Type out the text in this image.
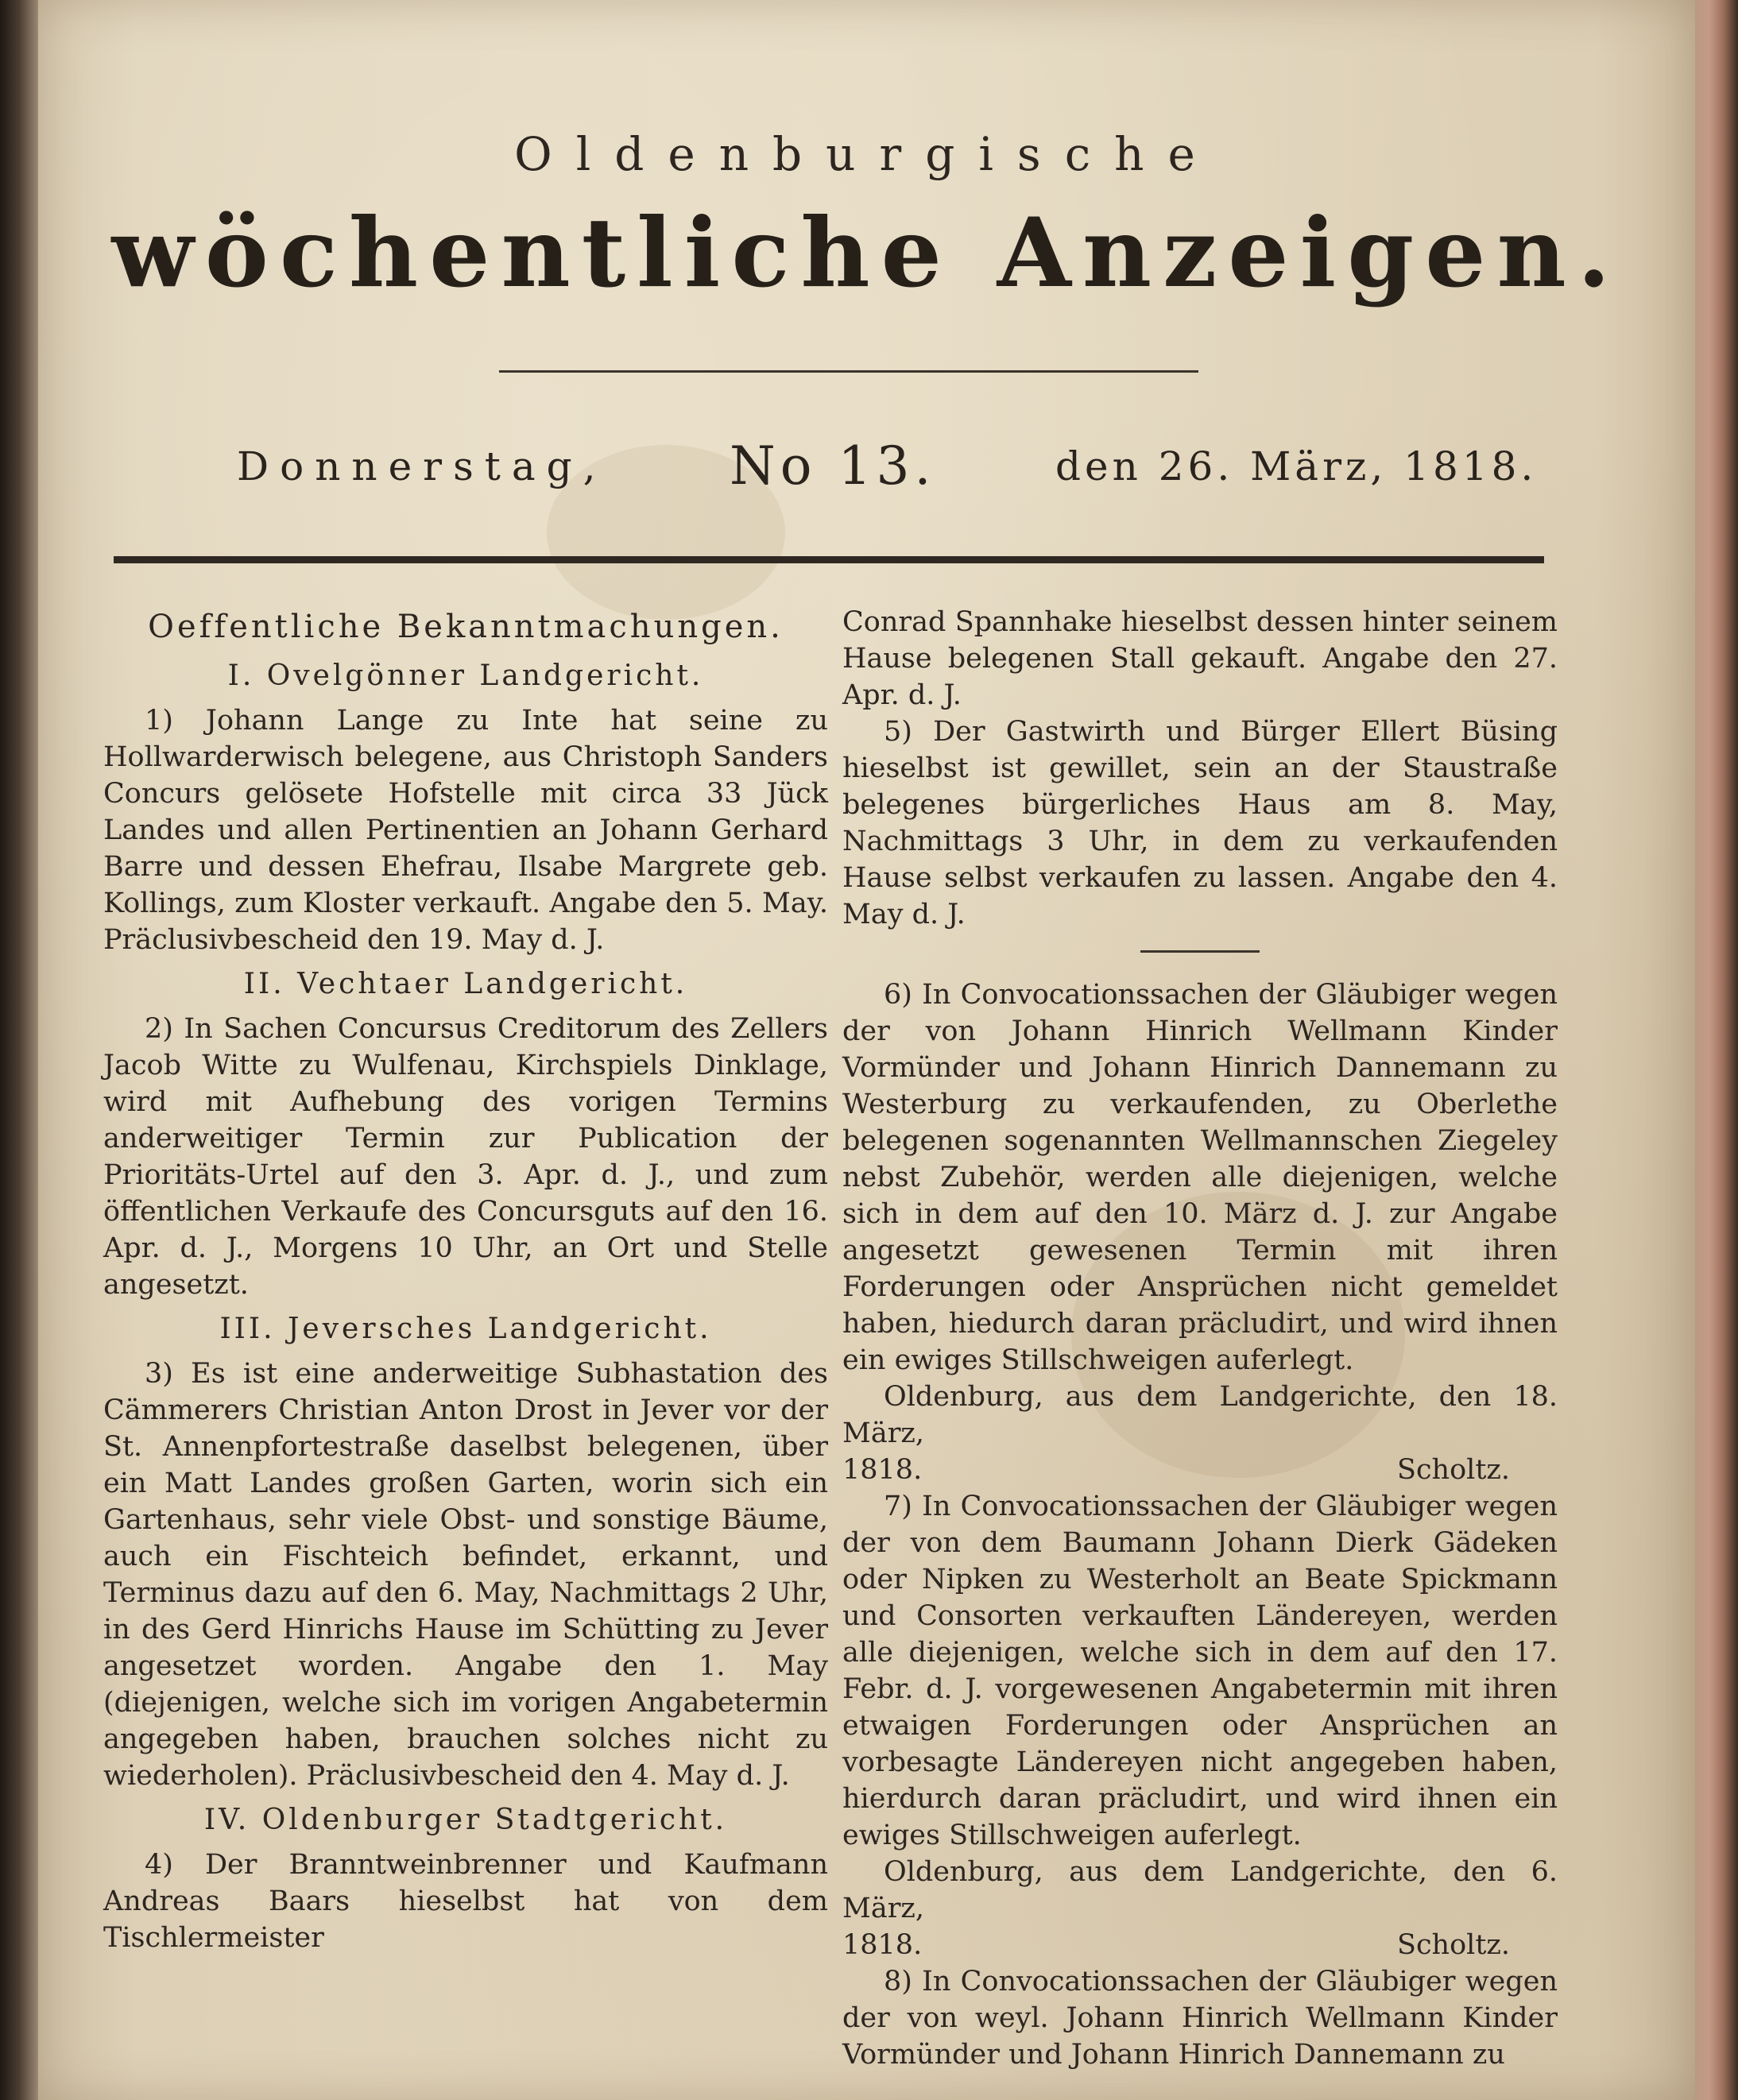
Oldenburgische
wöchentliche Anzeigen.
Donnerstag, No 13.	den 26. März, 1818.
Oeffentliche Bekanntmachungen.
I. Ovelgönner Landgericht.

1) Johann Lange zu Inte hat seine zu Hollwarderwisch belegene, aus Christoph Sanders Concurs gelösete Hofstelle mit circa 33 Jück Landes und allen Pertinentien an Johann Gerhard Barre und dessen Ehefrau, Ilsabe Margrete geb. Kollings, zum Kloster verkauft. Angabe den 5. May. Präclusivbescheid den 19. May d. J.

II. Vechtaer Landgericht.

2) In Sachen Concursus Creditorum des Zellers Jacob Witte zu Wulfenau, Kirchspiels Dinklage, wird mit Aufhebung des vorigen Termins anderweitiger Termin zur Publication der Prioritäts-Urtel auf den 3. Apr. d. J., und zum öffentlichen Verkaufe des Concursguts auf den 16. Apr. d. J., Morgens 10 Uhr, an Ort und Stelle angesetzt.

III. Jeversches Landgericht.

3) Es ist eine anderweitige Subhastation des Cämmerers Christian Anton Drost in Jever vor der St. Annenpfortestraße daselbst belegenen, über ein Matt Landes großen Garten, worin sich ein Gartenhaus, sehr viele Obst- und sonstige Bäume, auch ein Fischteich befindet, erkannt, und Terminus dazu auf den 6. May, Nachmittags 2 Uhr, in des Gerd Hinrichs Hause im Schütting zu Jever angesetzet worden. Angabe den 1. May (diejenigen, welche sich im vorigen Angabetermin angegeben haben, brauchen solches nicht zu wiederholen). Präclusivbescheid den 4. May d. J.

IV. Oldenburger Stadtgericht.

4) Der Branntweinbrenner und Kaufmann Andreas Baars hieselbst hat von dem Tischlermeister

Conrad Spannhake hieselbst dessen hinter seinem Hause belegenen Stall gekauft. Angabe den 27. Apr. d. J.

5) Der Gastwirth und Bürger Ellert Büsing hieselbst ist gewillet, sein an der Staustraße belegenes bürgerliches Haus am 8. May, Nachmittags 3 Uhr, in dem zu verkaufenden Hause selbst verkaufen zu lassen. Angabe den 4. May d. J.

6) In Convocationssachen der Gläubiger wegen der von Johann Hinrich Wellmann Kinder Vormünder und Johann Hinrich Dannemann zu Westerburg zu verkaufenden, zu Oberlethe belegenen sogenannten Wellmannschen Ziegeley nebst Zubehör, werden alle diejenigen, welche sich in dem auf den 10. März d. J. zur Angabe angesetzt gewesenen Termin mit ihren Forderungen oder Ansprüchen nicht gemeldet haben, hiedurch daran präcludirt, und wird ihnen ein ewiges Stillschweigen auferlegt.

Oldenburg, aus dem Landgerichte, den 18. März,

1818.	Scholtz.

7) In Convocationssachen der Gläubiger wegen der von dem Baumann Johann Dierk Gädeken oder Nipken zu Westerholt an Beate Spickmann und Consorten verkauften Ländereyen, werden alle diejenigen, welche sich in dem auf den 17. Febr. d. J. vorgewesenen Angabetermin mit ihren etwaigen Forderungen oder Ansprüchen an vorbesagte Ländereyen nicht angegeben haben, hierdurch daran präcludirt, und wird ihnen ein ewiges Stillschweigen auferlegt.

Oldenburg, aus dem Landgerichte, den 6. März,

1818.	Scholtz.

8) In Convocationssachen der Gläubiger wegen der von weyl. Johann Hinrich Wellmann Kinder Vormünder und Johann Hinrich Dannemann zu
